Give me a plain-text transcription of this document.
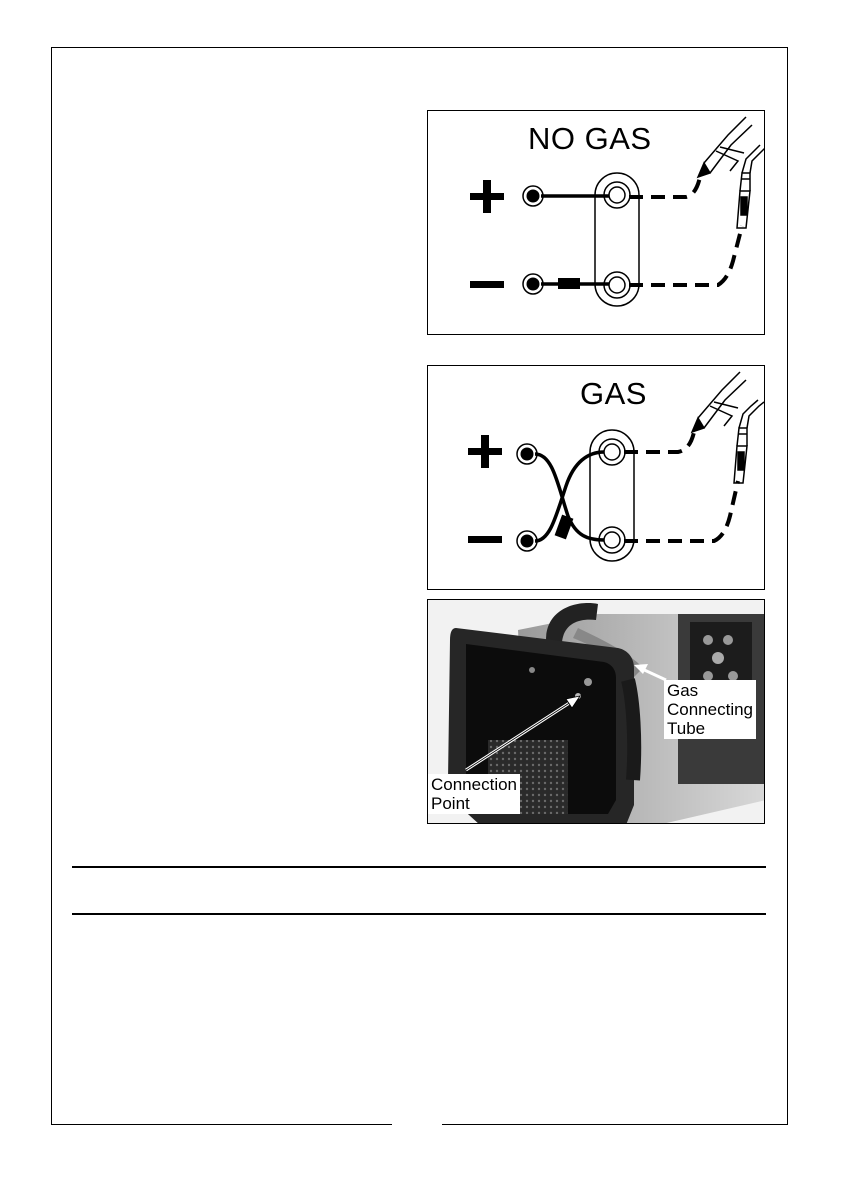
NO GAS
GAS
Gas
Connecting
Tube
Connection
Point
